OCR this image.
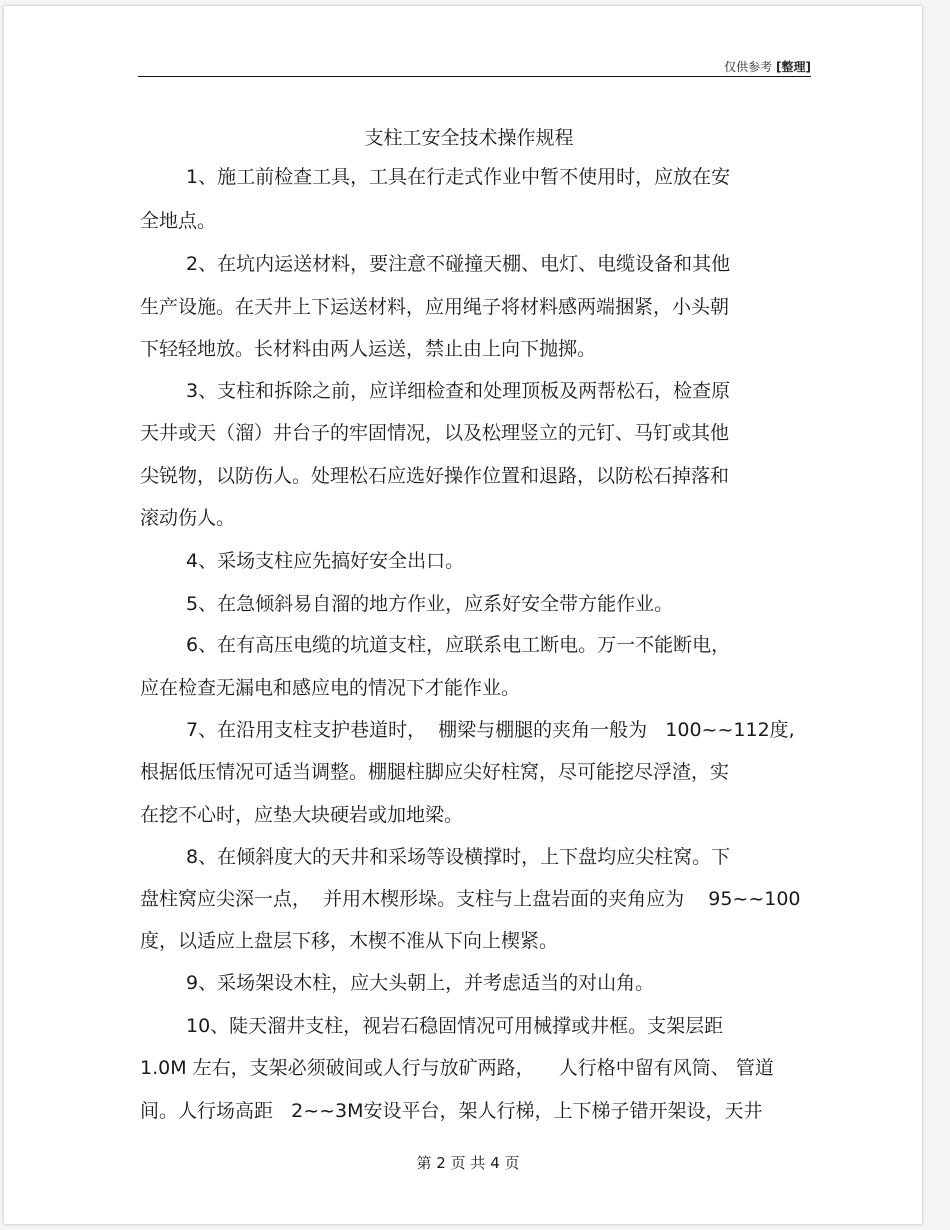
仅供参考 [整理]
支柱工安全技术操作规程
1、施工前检查工具，工具在行走式作业中暂不使用时，应放在安
全地点。
2、在坑内运送材料，要注意不碰撞天棚、电灯、电缆设备和其他
生产设施。在天井上下运送材料，应用绳子将材料感两端捆紧，小头朝
下轻轻地放。长材料由两人运送，禁止由上向下抛掷。
3、支柱和拆除之前，应详细检查和处理顶板及两帮松石，检查原
天井或天（溜）井台子的牢固情况，以及松理竖立的元钉、马钉或其他
尖锐物，以防伤人。处理松石应选好操作位置和退路，以防松石掉落和
滚动伤人。
4、采场支柱应先搞好安全出口。
5、在急倾斜易自溜的地方作业，应系好安全带方能作业。
6、在有高压电缆的坑道支柱，应联系电工断电。万一不能断电，
应在检查无漏电和感应电的情况下才能作业。
7、在沿用支柱支护巷道时，  棚梁与棚腿的夹角一般为   100~~112度,
根据低压情况可适当调整。棚腿柱脚应尖好柱窝，尽可能挖尽浮渣，实
在挖不心时，应垫大块硬岩或加地梁。
8、在倾斜度大的天井和采场等设横撑时，上下盘均应尖柱窝。下
盘柱窝应尖深一点，  并用木楔形垛。支柱与上盘岩面的夹角应为    95~~100
度，以适应上盘层下移，木楔不准从下向上楔紧。
9、采场架设木柱，应大头朝上，并考虑适当的对山角。
10、陡天溜井支柱，视岩石稳固情况可用械撑或井框。支架层距
1.0M 左右，支架必须破间或人行与放矿两路，    人行格中留有风筒、 管道
间。人行场高距   2~~3M安设平台，架人行梯，上下梯子错开架设，天井
第 2 页 共 4 页
